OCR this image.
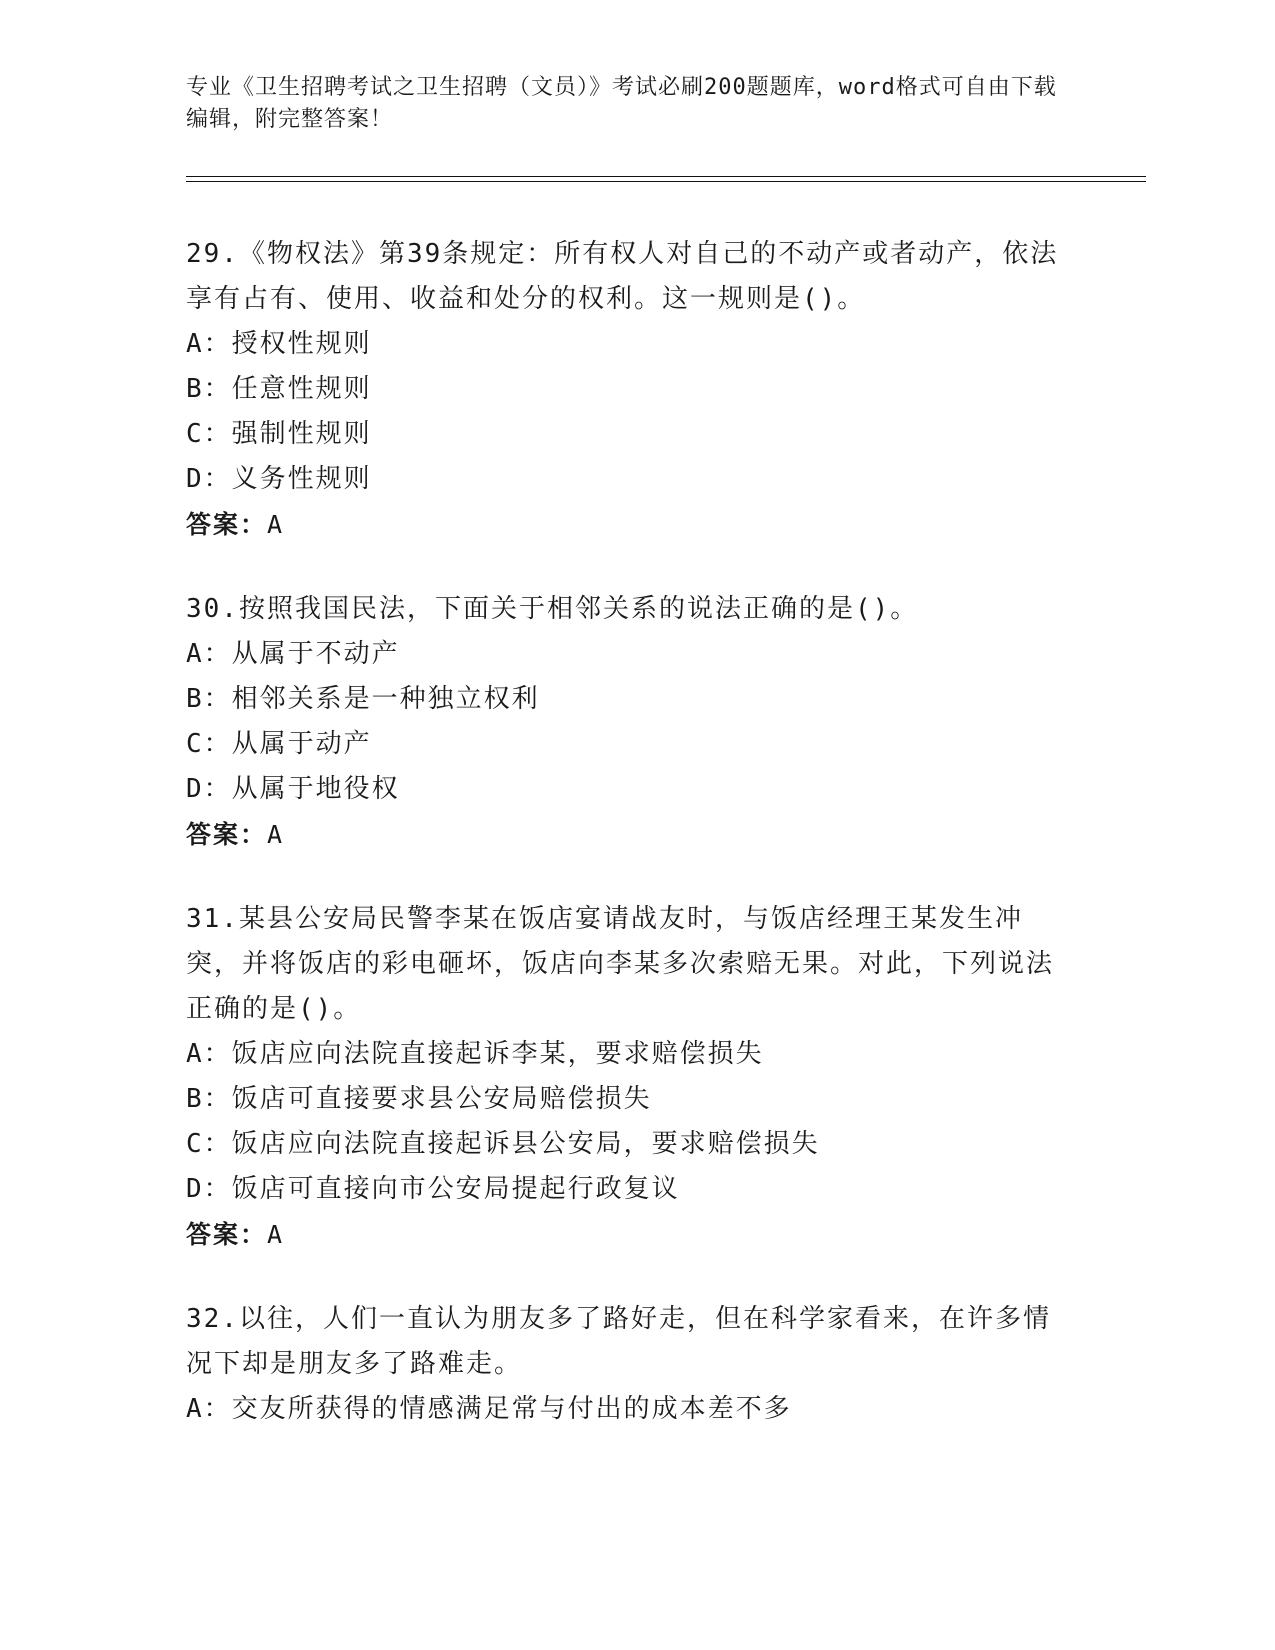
专业《卫生招聘考试之卫生招聘（文员）》考试必刷200题题库，word格式可自由下载编辑，附完整答案！

29.《物权法》第39条规定：所有权人对自己的不动产或者动产，依法享有占有、使用、收益和处分的权利。这一规则是()。

A：授权性规则

B：任意性规则

C：强制性规则

D：义务性规则

答案：A

30.按照我国民法，下面关于相邻关系的说法正确的是()。

A：从属于不动产

B：相邻关系是一种独立权利

C：从属于动产

D：从属于地役权

答案：A

31.某县公安局民警李某在饭店宴请战友时，与饭店经理王某发生冲突，并将饭店的彩电砸坏，饭店向李某多次索赔无果。对此，下列说法正确的是()。

A：饭店应向法院直接起诉李某，要求赔偿损失

B：饭店可直接要求县公安局赔偿损失

C：饭店应向法院直接起诉县公安局，要求赔偿损失

D：饭店可直接向市公安局提起行政复议

答案：A

32.以往，人们一直认为朋友多了路好走，但在科学家看来，在许多情况下却是朋友多了路难走。

A：交友所获得的情感满足常与付出的成本差不多
